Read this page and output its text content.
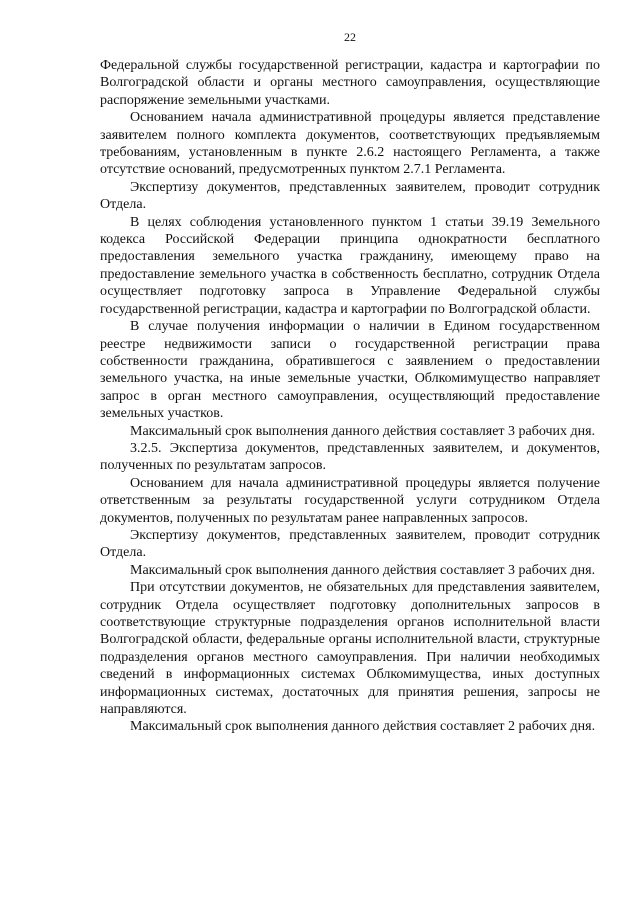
22

Федеральной службы государственной регистрации, кадастра и картографии по Волгоградской области и органы местного самоуправления, осуществляющие распоряжение земельными участками.

Основанием начала административной процедуры является представление заявителем полного комплекта документов, соответствующих предъявляемым требованиям, установленным в пункте 2.6.2 настоящего Регламента, а также отсутствие оснований, предусмотренных пунктом 2.7.1 Регламента.

Экспертизу документов, представленных заявителем, проводит сотрудник Отдела.

В целях соблюдения установленного пунктом 1 статьи 39.19 Земельного кодекса Российской Федерации принципа однократности бесплатного предоставления земельного участка гражданину, имеющему право на предоставление земельного участка в собственность бесплатно, сотрудник Отдела осуществляет подготовку запроса в Управление Федеральной службы государственной регистрации, кадастра и картографии по Волгоградской области.

В случае получения информации о наличии в Едином государственном реестре недвижимости записи о государственной регистрации права собственности гражданина, обратившегося с заявлением о предоставлении земельного участка, на иные земельные участки, Облкомимущество направляет запрос в орган местного самоуправления, осуществляющий предоставление земельных участков.

Максимальный срок выполнения данного действия составляет 3 рабочих дня.

3.2.5. Экспертиза документов, представленных заявителем, и документов, полученных по результатам запросов.

Основанием для начала административной процедуры является получение ответственным за результаты государственной услуги сотрудником Отдела документов, полученных по результатам ранее направленных запросов.

Экспертизу документов, представленных заявителем, проводит сотрудник Отдела.

Максимальный срок выполнения данного действия составляет 3 рабочих дня.

При отсутствии документов, не обязательных для представления заявителем, сотрудник Отдела осуществляет подготовку дополнительных запросов в соответствующие структурные подразделения органов исполнительной власти Волгоградской области, федеральные органы исполнительной власти, структурные подразделения органов местного самоуправления. При наличии необходимых сведений в информационных системах Облкомимущества, иных доступных информационных системах, достаточных для принятия решения, запросы не направляются.

Максимальный срок выполнения данного действия составляет 2 рабочих дня.
